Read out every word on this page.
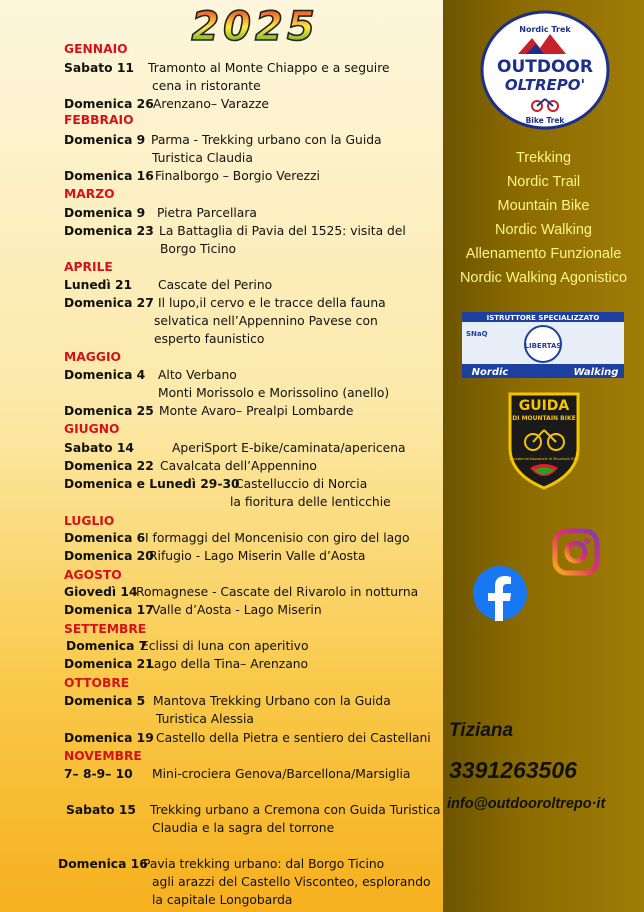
2025
GENNAIO
FEBBRAIO
MARZO
APRILE
MAGGIO
GIUGNO
LUGLIO
AGOSTO
SETTEMBRE
OTTOBRE
NOVEMBRE
Sabato 11 Tramonto al Monte Chiappo e a seguire
cena in ristorante
Domenica 26 Arenzano– Varazze
Domenica 9 Parma - Trekking urbano con la Guida
Turistica Claudia
Domenica 16 Finalborgo – Borgio Verezzi
Domenica 9 Pietra Parcellara
Domenica 23 La Battaglia di Pavia del 1525: visita del
Borgo Ticino
Lunedì 21 Cascate del Perino
Domenica 27 Il lupo,il cervo e le tracce della fauna
selvatica nell’Appennino Pavese con
esperto faunistico
Domenica 4 Alto Verbano
Monti Morissolo e Morissolino (anello)
Domenica 25 Monte Avaro– Prealpi Lombarde
Sabato 14	AperiSport E-bike/caminata/apericena
Domenica 22 Cavalcata dell’Appennino
Domenica e Lunedì 29-30
Castelluccio di Norcia
la fioritura delle lenticchie
Domenica 6 I formaggi del Moncenisio con giro del lago
Domenica 20
Rifugio - Lago Miserin Valle d’Aosta
Giovedì 14
Romagnese - Cascate del Rivarolo in notturna
Domenica 17
Valle d’Aosta - Lago Miserin
Domenica 7
Eclissi di luna con aperitivo
Domenica 21
Lago della Tina– Arenzano
Domenica 5 Mantova Trekking Urbano con la Guida
Turistica Alessia
Domenica 19 Castello della Pietra e sentiero dei Castellani
7– 8-9– 10 Mini-crociera Genova/Barcellona/Marsiglia
Sabato 15 Trekking urbano a Cremona con Guida Turistica
Claudia e la sagra del torrone
Domenica 16
Pavia trekking urbano: dal Borgo Ticino
agli arazzi del Castello Visconteo, esplorando
la capitale Longobarda
Nordic Trek
OUTDOOR
OLTREPO'
Bike Trek
Trekking
Nordic Trail
Mountain Bike
Nordic Walking
Allenamento Funzionale
Nordic Walking Agonistico
ISTRUTTORE SPECIALIZZATO
SNaQ
LIBERTAS
Nordic	Walking
GUIDA
DI MOUNTAIN BIKE
Accademia Nazionale di Mountain Bike
Tiziana
3391263506
info@outdooroltrepo·it
